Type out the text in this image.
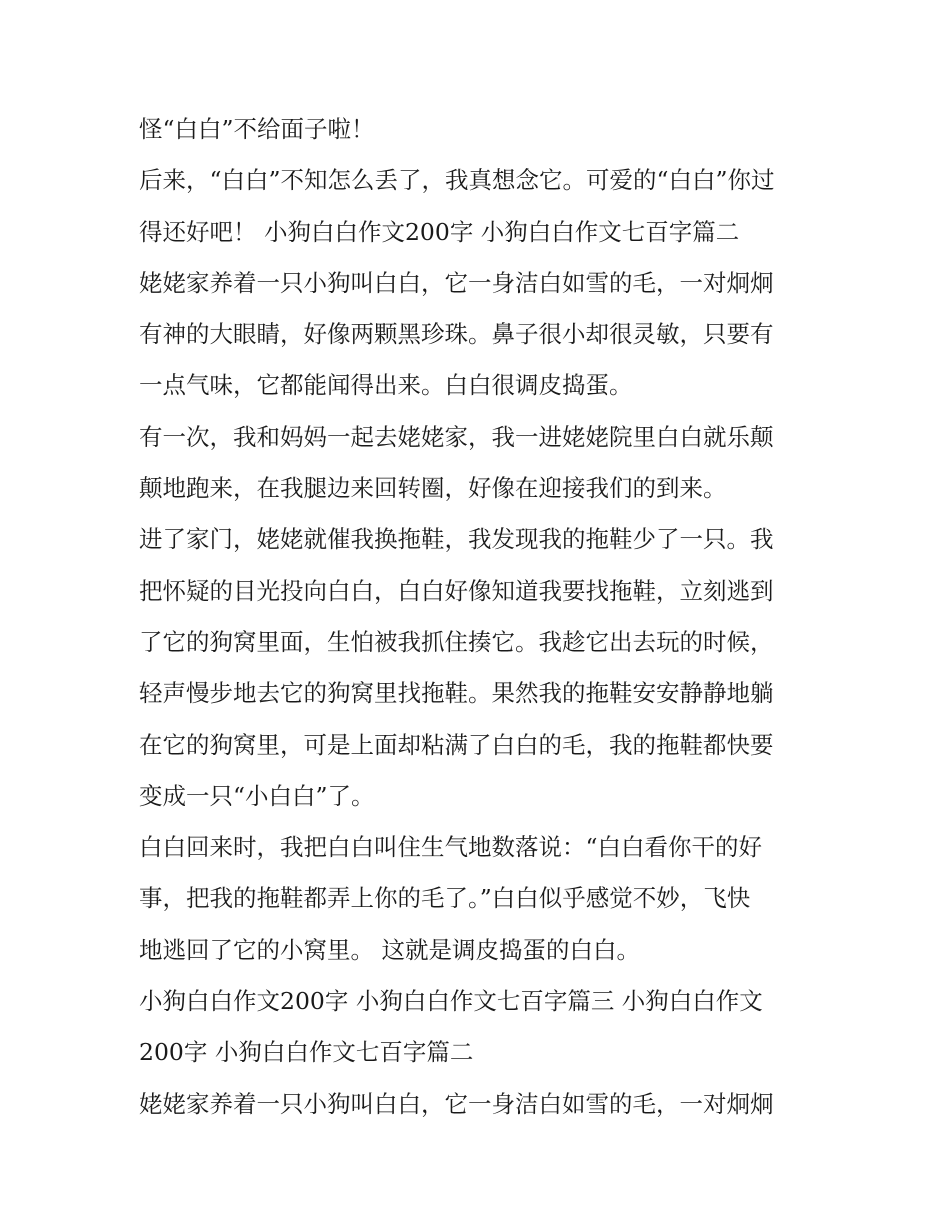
怪“白白”不给面子啦！
后来，“白白”不知怎么丢了，我真想念它。可爱的“白白”你过
得还好吧！ 小狗白白作文200字 小狗白白作文七百字篇二
姥姥家养着一只小狗叫白白，它一身洁白如雪的毛，一对炯炯
有神的大眼睛，好像两颗黑珍珠。鼻子很小却很灵敏，只要有
一点气味，它都能闻得出来。白白很调皮捣蛋。
有一次，我和妈妈一起去姥姥家，我一进姥姥院里白白就乐颠
颠地跑来，在我腿边来回转圈，好像在迎接我们的到来。
进了家门，姥姥就催我换拖鞋，我发现我的拖鞋少了一只。我
把怀疑的目光投向白白，白白好像知道我要找拖鞋，立刻逃到
了它的狗窝里面，生怕被我抓住揍它。我趁它出去玩的时候，
轻声慢步地去它的狗窝里找拖鞋。果然我的拖鞋安安静静地躺
在它的狗窝里，可是上面却粘满了白白的毛，我的拖鞋都快要
变成一只“小白白”了。
白白回来时，我把白白叫住生气地数落说：“白白看你干的好
事，把我的拖鞋都弄上你的毛了。”白白似乎感觉不妙，飞快
地逃回了它的小窝里。 这就是调皮捣蛋的白白。
小狗白白作文200字 小狗白白作文七百字篇三 小狗白白作文
200字 小狗白白作文七百字篇二
姥姥家养着一只小狗叫白白，它一身洁白如雪的毛，一对炯炯
